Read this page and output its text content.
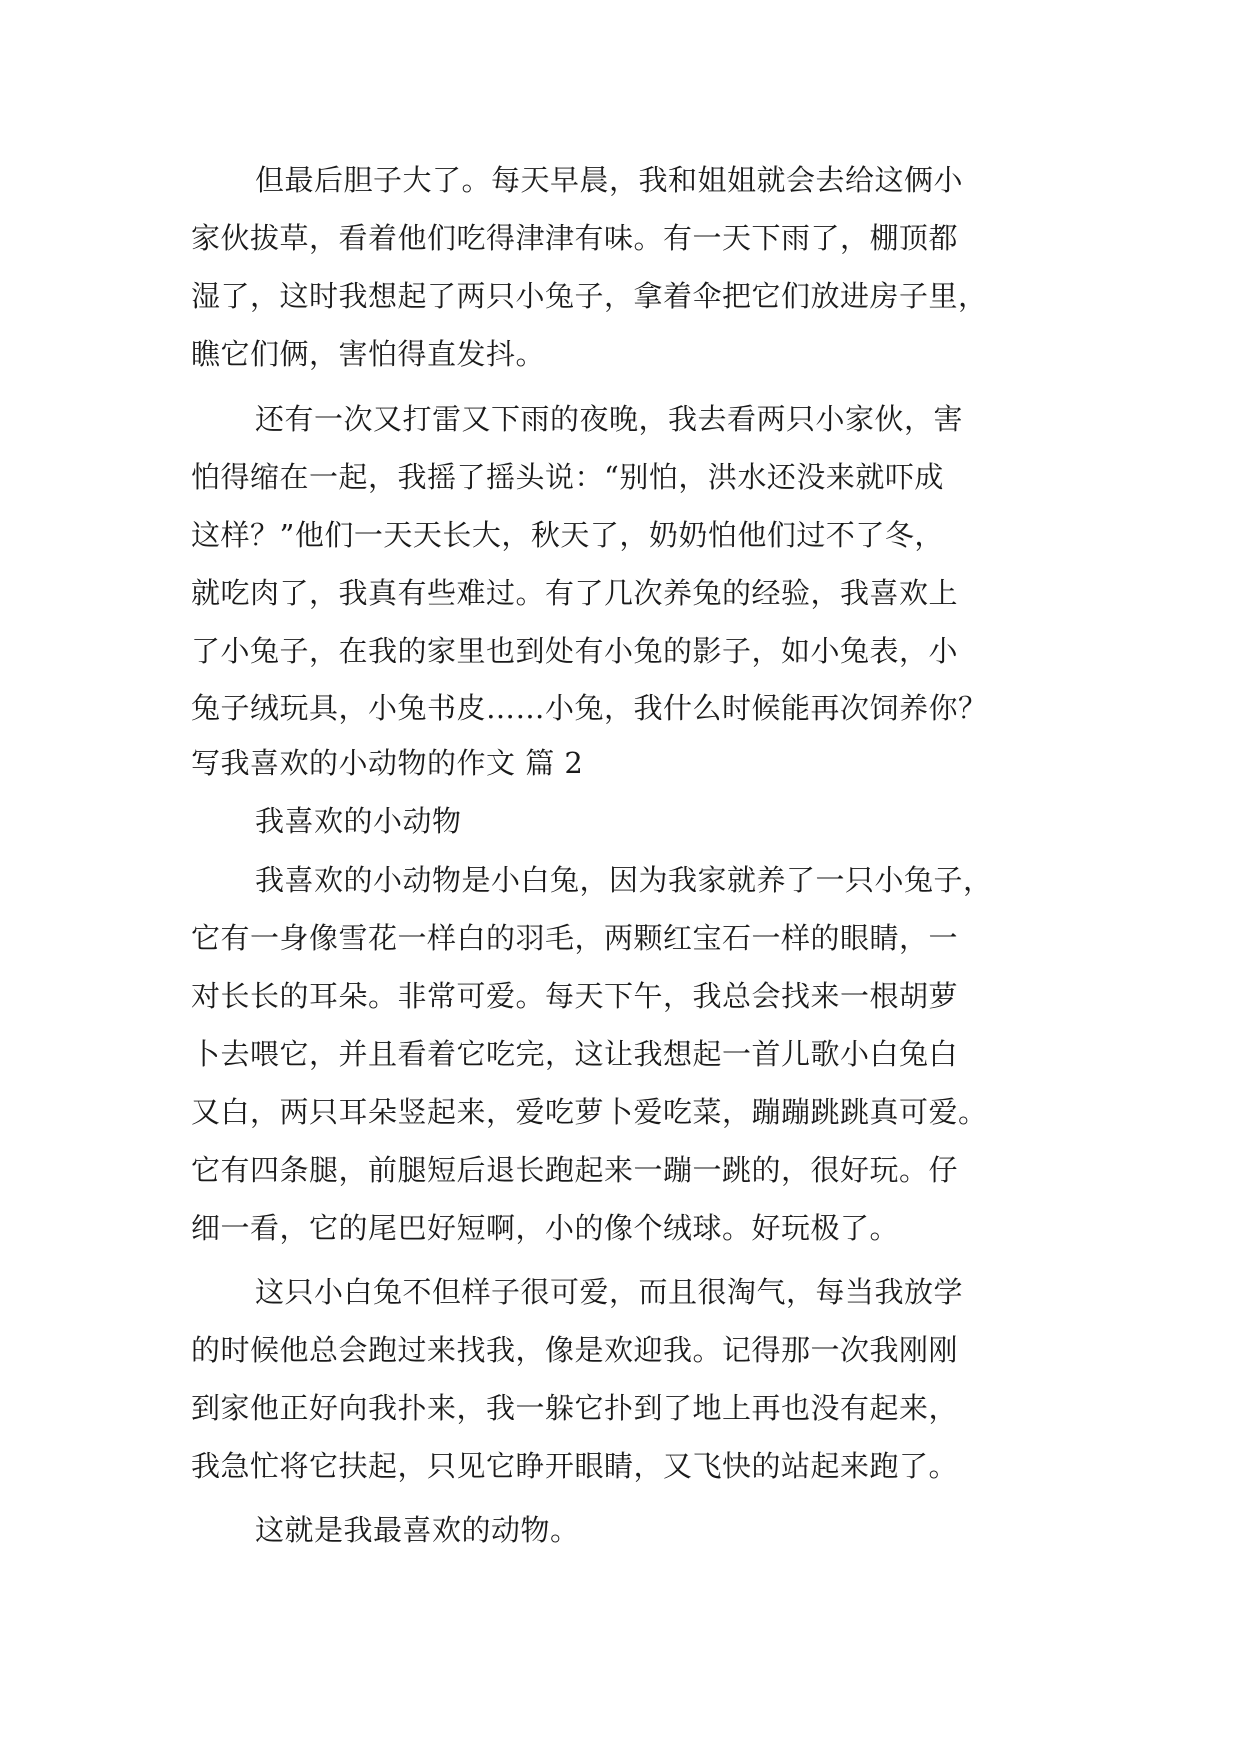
但最后胆子大了。每天早晨，我和姐姐就会去给这俩小
家伙拔草，看着他们吃得津津有味。有一天下雨了，棚顶都
湿了，这时我想起了两只小兔子，拿着伞把它们放进房子里，
瞧它们俩，害怕得直发抖。
还有一次又打雷又下雨的夜晚，我去看两只小家伙，害
怕得缩在一起，我摇了摇头说：“别怕，洪水还没来就吓成
这样？”他们一天天长大，秋天了，奶奶怕他们过不了冬，
就吃肉了，我真有些难过。有了几次养兔的经验，我喜欢上
了小兔子，在我的家里也到处有小兔的影子，如小兔表，小
兔子绒玩具，小兔书皮……小兔，我什么时候能再次饲养你？
写我喜欢的小动物的作文 篇 2
我喜欢的小动物
我喜欢的小动物是小白兔，因为我家就养了一只小兔子，
它有一身像雪花一样白的羽毛，两颗红宝石一样的眼睛，一
对长长的耳朵。非常可爱。每天下午，我总会找来一根胡萝
卜去喂它，并且看着它吃完，这让我想起一首儿歌小白兔白
又白，两只耳朵竖起来，爱吃萝卜爱吃菜，蹦蹦跳跳真可爱。
它有四条腿，前腿短后退长跑起来一蹦一跳的，很好玩。仔
细一看，它的尾巴好短啊，小的像个绒球。好玩极了。
这只小白兔不但样子很可爱，而且很淘气，每当我放学
的时候他总会跑过来找我，像是欢迎我。记得那一次我刚刚
到家他正好向我扑来，我一躲它扑到了地上再也没有起来，
我急忙将它扶起，只见它睁开眼睛，又飞快的站起来跑了。
这就是我最喜欢的动物。
